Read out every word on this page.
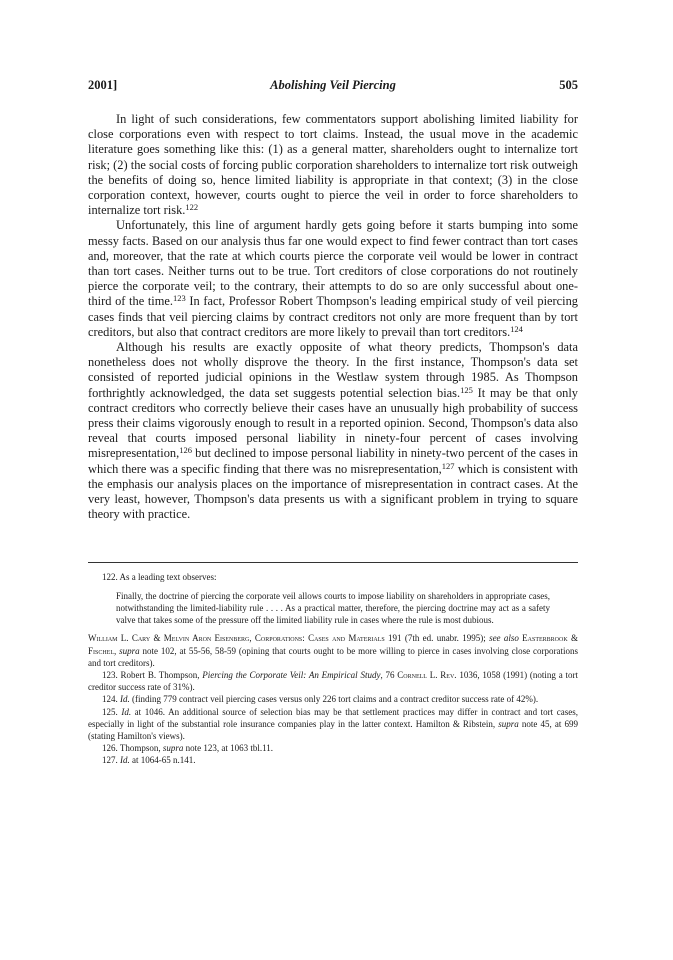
2001]	Abolishing Veil Piercing	505

In light of such considerations, few commentators support abolishing limited liability for close corporations even with respect to tort claims. Instead, the usual move in the academic literature goes something like this: (1) as a general matter, shareholders ought to internalize tort risk; (2) the social costs of forcing public corporation shareholders to internalize tort risk outweigh the benefits of doing so, hence limited liability is appropriate in that context; (3) in the close corporation context, however, courts ought to pierce the veil in order to force shareholders to internalize tort risk.$^{122}$

Unfortunately, this line of argument hardly gets going before it starts bumping into some messy facts. Based on our analysis thus far one would expect to find fewer contract than tort cases and, moreover, that the rate at which courts pierce the corporate veil would be lower in contract than tort cases. Neither turns out to be true. Tort creditors of close corporations do not routinely pierce the corporate veil; to the contrary, their attempts to do so are only successful about one-third of the time.$^{123}$ In fact, Professor Robert Thompson's leading empirical study of veil piercing cases finds that veil piercing claims by contract creditors not only are more frequent than by tort creditors, but also that contract creditors are more likely to prevail than tort creditors.$^{124}$

Although his results are exactly opposite of what theory predicts, Thompson's data nonetheless does not wholly disprove the theory. In the first instance, Thompson's data set consisted of reported judicial opinions in the Westlaw system through 1985. As Thompson forthrightly acknowledged, the data set suggests potential selection bias.$^{125}$ It may be that only contract creditors who correctly believe their cases have an unusually high probability of success press their claims vigorously enough to result in a reported opinion. Second, Thompson's data also reveal that courts imposed personal liability in ninety-four percent of cases involving misrepresentation,$^{126}$ but declined to impose personal liability in ninety-two percent of the cases in which there was a specific finding that there was no misrepresentation,$^{127}$ which is consistent with the emphasis our analysis places on the importance of misrepresentation in contract cases. At the very least, however, Thompson's data presents us with a significant problem in trying to square theory with practice.

122. As a leading text observes:

Finally, the doctrine of piercing the corporate veil allows courts to impose liability on shareholders in appropriate cases, notwithstanding the limited-liability rule . . . . As a practical matter, therefore, the piercing doctrine may act as a safety valve that takes some of the pressure off the limited liability rule in cases where the rule is most dubious.

William L. Cary & Melvin Aron Eisenberg, Corporations: Cases and Materials 191 (7th ed. unabr. 1995); see also Easterbrook & Fischel, supra note 102, at 55-56, 58-59 (opining that courts ought to be more willing to pierce in cases involving close corporations and tort creditors).

123. Robert B. Thompson, Piercing the Corporate Veil: An Empirical Study, 76 Cornell L. Rev. 1036, 1058 (1991) (noting a tort creditor success rate of 31%).

124. Id. (finding 779 contract veil piercing cases versus only 226 tort claims and a contract creditor success rate of 42%).

125. Id. at 1046. An additional source of selection bias may be that settlement practices may differ in contract and tort cases, especially in light of the substantial role insurance companies play in the latter context. Hamilton & Ribstein, supra note 45, at 699 (stating Hamilton's views).

126. Thompson, supra note 123, at 1063 tbl.11.

127. Id. at 1064-65 n.141.
